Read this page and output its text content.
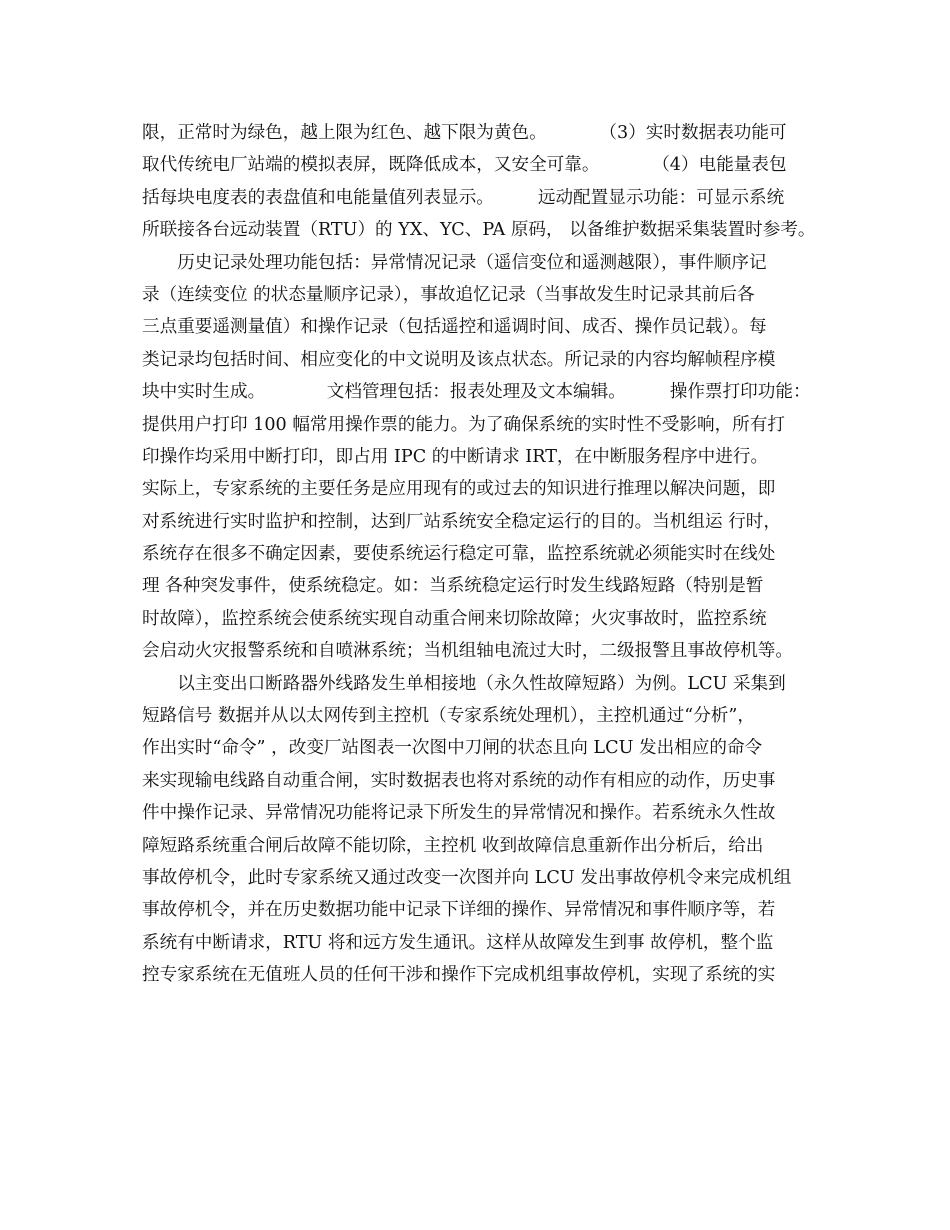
限，正常时为绿色，越上限为红色、越下限为黄色。　　　　（3）实时数据表功能可
取代传统电厂站端的模拟表屏，既降低成本，又安全可靠。　　　　（4）电能量表包
括每块电度表的表盘值和电能量值列表显示。　　　远动配置显示功能：可显示系统
所联接各台远动装置（RTU）的 YX、YC、PA 原码， 以备维护数据采集装置时参考。
　　历史记录处理功能包括：异常情况记录（遥信变位和遥测越限），事件顺序记
录（连续变位 的状态量顺序记录），事故追忆记录（当事故发生时记录其前后各
三点重要遥测量值）和操作记录（包括遥控和遥调时间、成否、操作员记载）。每
类记录均包括时间、相应变化的中文说明及该点状态。所记录的内容均解帧程序模
块中实时生成。　　　　文档管理包括：报表处理及文本编辑。　　　操作票打印功能：
提供用户打印 100 幅常用操作票的能力。为了确保系统的实时性不受影响，所有打
印操作均采用中断打印，即占用 IPC 的中断请求 IRT，在中断服务程序中进行。
实际上，专家系统的主要任务是应用现有的或过去的知识进行推理以解决问题，即
对系统进行实时监护和控制，达到厂站系统安全稳定运行的目的。当机组运 行时，
系统存在很多不确定因素，要使系统运行稳定可靠，监控系统就必须能实时在线处
理 各种突发事件，使系统稳定。如：当系统稳定运行时发生线路短路（特别是暂
时故障），监控系统会使系统实现自动重合闸来切除故障；火灾事故时，监控系统
会启动火灾报警系统和自喷淋系统；当机组轴电流过大时，二级报警且事故停机等。
　　以主变出口断路器外线路发生单相接地（永久性故障短路）为例。LCU 采集到
短路信号 数据并从以太网传到主控机（专家系统处理机），主控机通过“分析”，
作出实时“命令” ，改变厂站图表一次图中刀闸的状态且向 LCU 发出相应的命令
来实现输电线路自动重合闸，实时数据表也将对系统的动作有相应的动作，历史事
件中操作记录、异常情况功能将记录下所发生的异常情况和操作。若系统永久性故
障短路系统重合闸后故障不能切除，主控机 收到故障信息重新作出分析后，给出
事故停机令，此时专家系统又通过改变一次图并向 LCU 发出事故停机令来完成机组
事故停机令，并在历史数据功能中记录下详细的操作、异常情况和事件顺序等，若
系统有中断请求，RTU 将和远方发生通讯。这样从故障发生到事 故停机，整个监
控专家系统在无值班人员的任何干涉和操作下完成机组事故停机，实现了系统的实
